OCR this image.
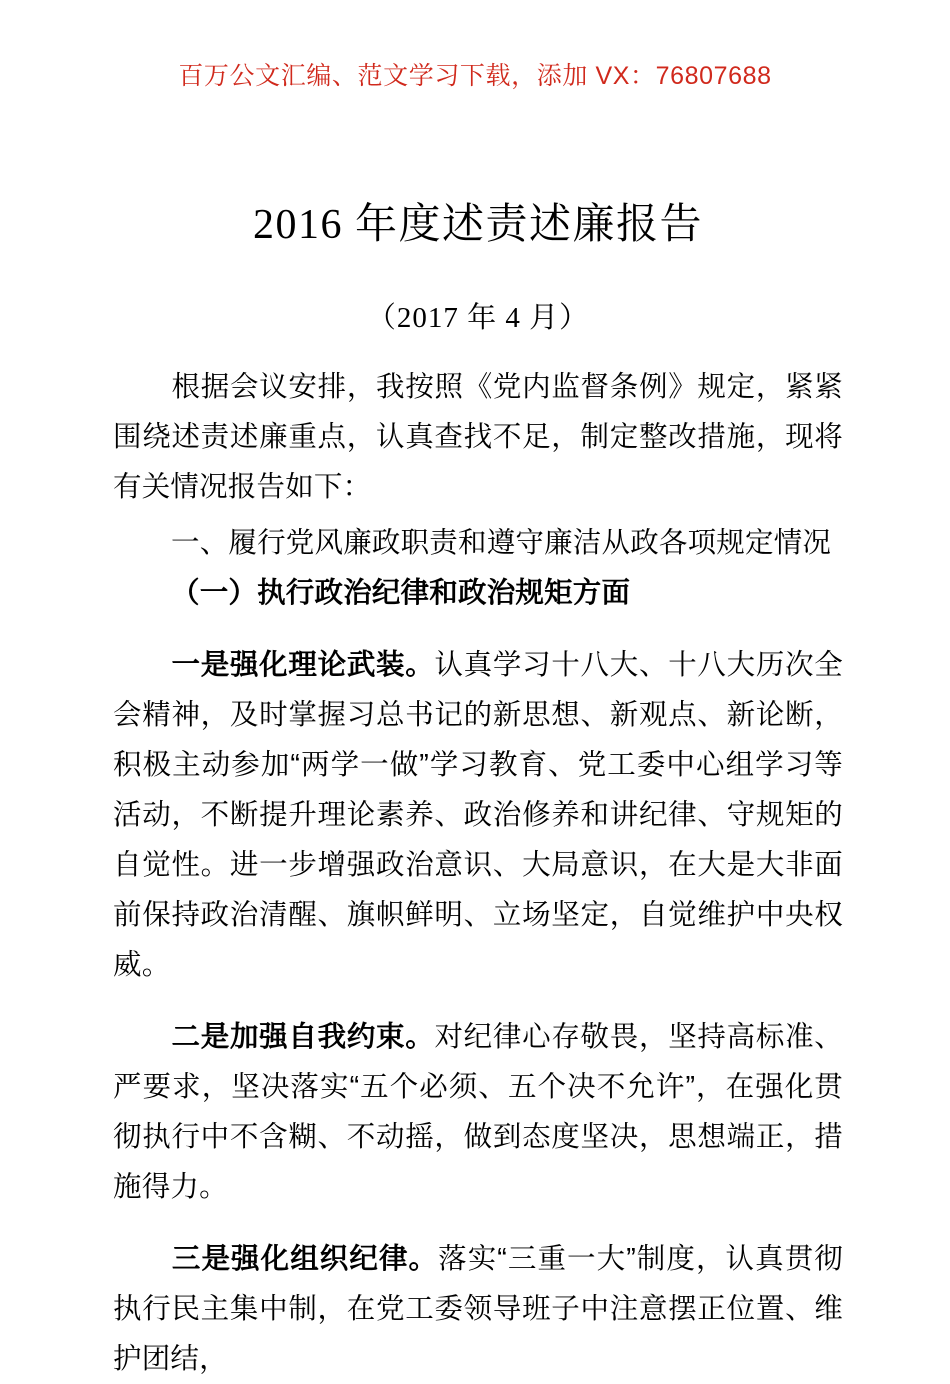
百万公文汇编、范文学习下载，添加 VX：76807688
2016 年度述责述廉报告
（2017 年 4 月）
根据会议安排，我按照《党内监督条例》规定，紧紧围绕述责述廉重点，认真查找不足，制定整改措施，现将有关情况报告如下：
一、履行党风廉政职责和遵守廉洁从政各项规定情况
（一）执行政治纪律和政治规矩方面
一是强化理论武装。认真学习十八大、十八大历次全会精神，及时掌握习总书记的新思想、新观点、新论断，积极主动参加“两学一做”学习教育、党工委中心组学习等活动，不断提升理论素养、政治修养和讲纪律、守规矩的自觉性。进一步增强政治意识、大局意识，在大是大非面前保持政治清醒、旗帜鲜明、立场坚定，自觉维护中央权威。
二是加强自我约束。对纪律心存敬畏，坚持高标准、严要求，坚决落实“五个必须、五个决不允许”，在强化贯彻执行中不含糊、不动摇，做到态度坚决，思想端正，措施得力。
三是强化组织纪律。落实“三重一大”制度，认真贯彻执行民主集中制，在党工委领导班子中注意摆正位置、维护团结，
